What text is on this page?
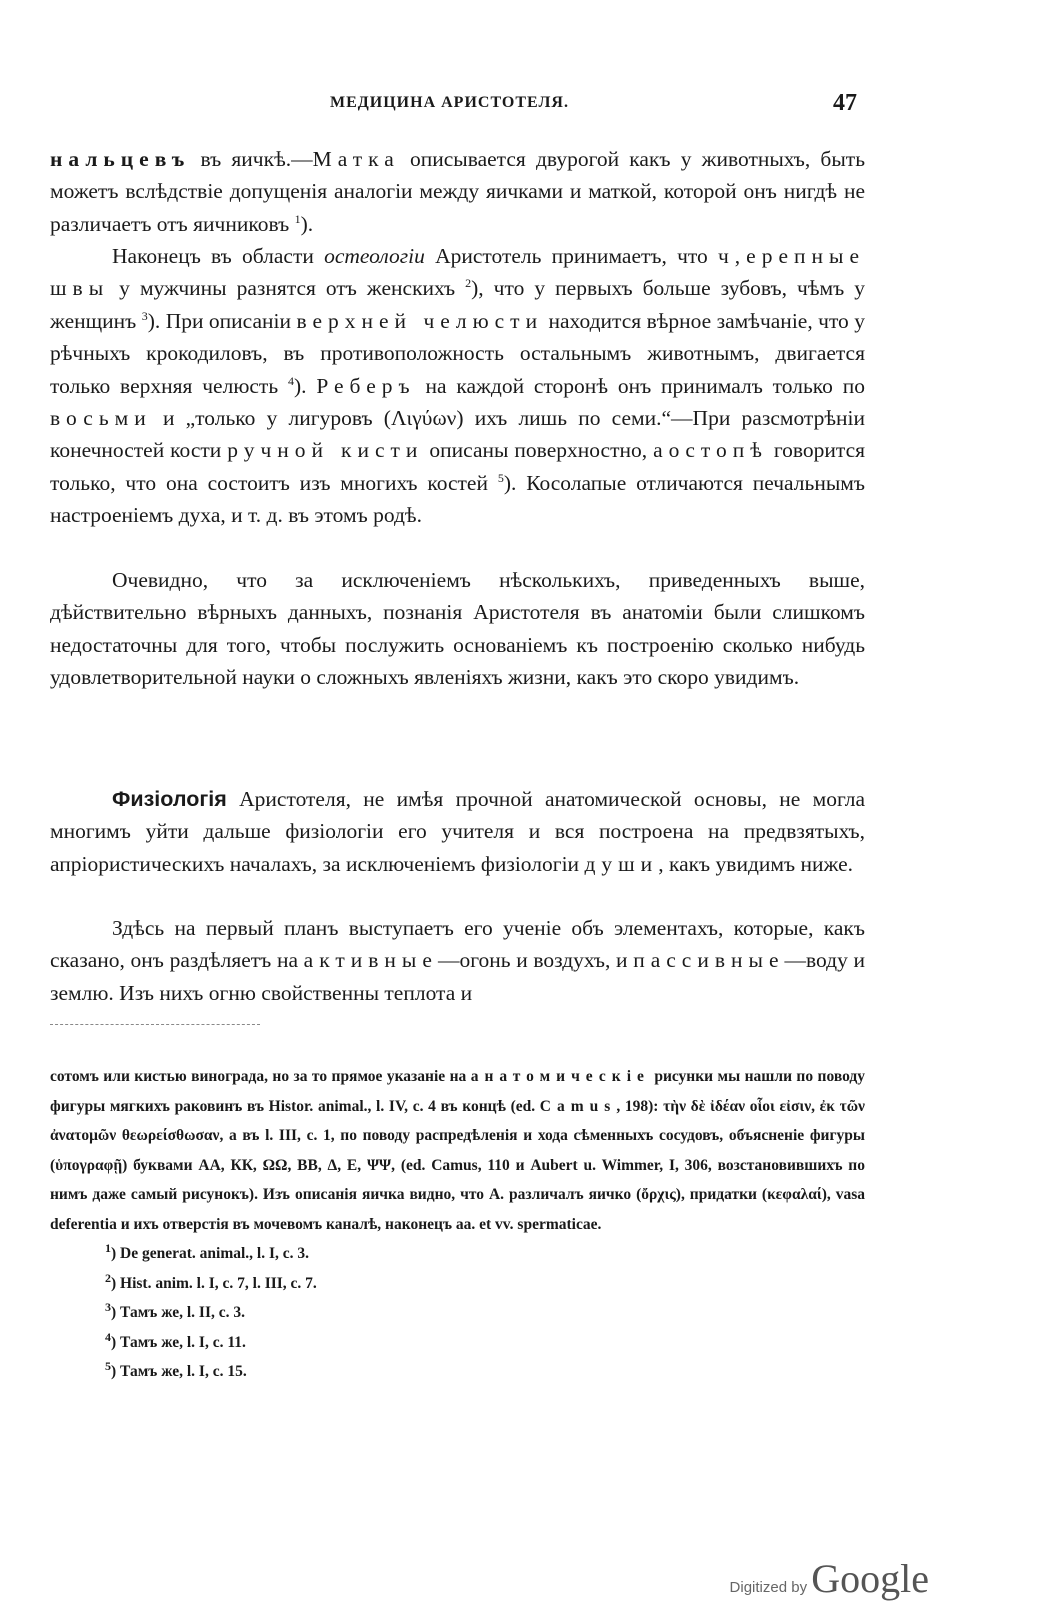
МЕДИЦИНА АРИСТОТЕЛЯ.	47

нальцевъ въ яичкѣ.—Матка описывается двурогой какъ у животныхъ, быть можетъ вслѣдствіе допущенія аналогіи между яичками и маткой, которой онъ нигдѣ не различаетъ отъ яичниковъ $^1$).

Наконецъ въ области остеологіи Аристотель принимаетъ, что ч,ерепные швы у мужчины разнятся отъ женскихъ $^2$), что у первыхъ больше зубовъ, чѣмъ у женщинъ $^3$). При описаніи верхней челюсти находится вѣрное замѣчаніе, что у рѣчныхъ крокодиловъ, въ противоположность остальнымъ животнымъ, двигается только верхняя челюсть $^4$). Реберъ на каждой сторонѣ онъ принималъ только по восьми и „только у лигуровъ (Λιγύων) ихъ лишь по семи.“—При разсмотрѣніи конечностей кости ручной кисти описаны поверхностно, а о стопѣ говорится только, что она состоитъ изъ многихъ костей $^5$). Косолапые отличаются печальнымъ настроеніемъ духа, и т. д. въ этомъ родѣ.

Очевидно, что за исключеніемъ нѣсколькихъ, приведенныхъ выше, дѣйствительно вѣрныхъ данныхъ, познанія Аристотеля въ анатоміи были слишкомъ недостаточны для того, чтобы послужить основаніемъ къ построенію сколько нибудь удовлетворительной науки о сложныхъ явленіяхъ жизни, какъ это скоро увидимъ.

Физіологія Аристотеля, не имѣя прочной анатомической основы, не могла многимъ уйти дальше физіологіи его учителя и вся построена на предвзятыхъ, апріористическихъ началахъ, за исключеніемъ физіологіи души, какъ увидимъ ниже.

Здѣсь на первый планъ выступаетъ его ученіе объ элементахъ, которые, какъ сказано, онъ раздѣляетъ на активные—огонь и воздухъ, и пассивные—воду и землю. Изъ нихъ огню свойственны теплота и

сотомъ или кистью винограда, но за то прямое указаніе на анатомическіе рисунки мы нашли по поводу фигуры мягкихъ раковинъ въ Histor. animal., l. IV, c. 4 въ концѣ (ed. Camus, 198): τὴν δὲ ἰδέαν οἷοι εἰσιν, ἐκ τῶν ἀνατομῶν θεωρείσθωσαν, а въ l. III, c. 1, по поводу распредѣленія и хода сѣменныхъ сосудовъ, объясненіе фигуры (ὑπογραφῇ) буквами АА, КК, ΩΩ, ВВ, Δ, Е, ΨΨ, (ed. Camus, 110 и Aubert u. Wimmer, I, 306, возстановившихъ по нимъ даже самый рисунокъ). Изъ описанія яичка видно, что А. различалъ яичко (ὄρχις), придатки (κεφαλαί), vasa deferentia и ихъ отверстія въ мочевомъ каналѣ, наконецъ аа. et vv. spermaticae.

$^1$) De generat. animal., l. I, c. 3.
$^2$) Hist. anim. l. I, c. 7, l. III, c. 7.
$^3$) Тамъ же, l. II, c. 3.
$^4$) Тамъ же, l. I, c. 11.
$^5$) Тамъ же, l. I, c. 15.
Digitized by Google
